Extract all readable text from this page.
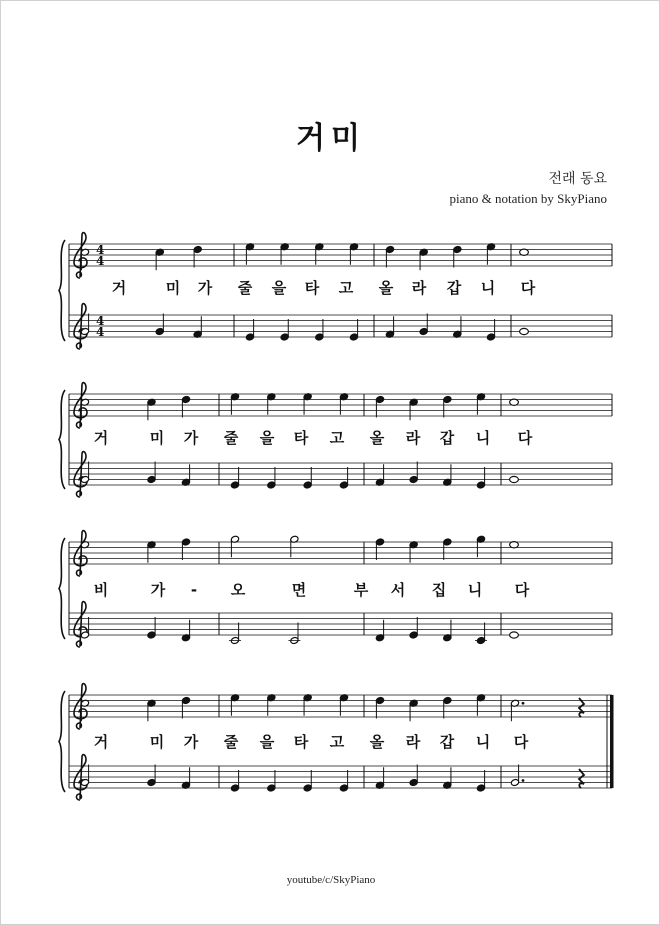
거미
전래 동요
piano & notation by SkyPiano
4
4
4
4
거	미 가 줄 을 타 고 올 라 갑 니 다
거	미 가 줄 을 타 고 올 라 갑 니 다
비	가 - 오	면	부 서 집 니 다
거	미 가 줄 을 타 고 올 라 갑 니 다
youtube/c/SkyPiano
